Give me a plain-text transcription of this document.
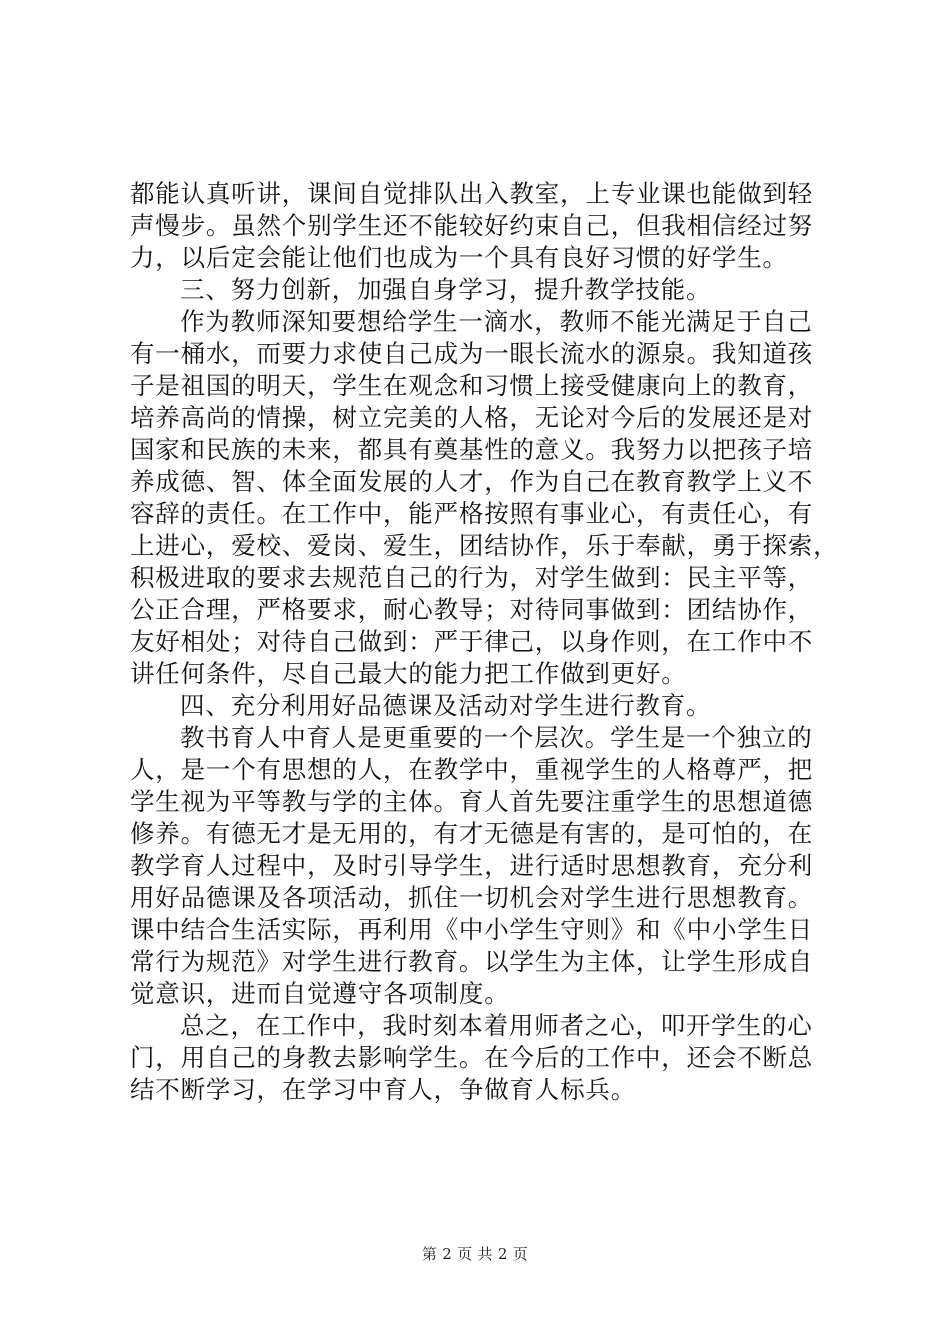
都能认真听讲，课间自觉排队出入教室，上专业课也能做到轻
声慢步。虽然个别学生还不能较好约束自己，但我相信经过努
力，以后定会能让他们也成为一个具有良好习惯的好学生。
三、努力创新，加强自身学习，提升教学技能。
作为教师深知要想给学生一滴水，教师不能光满足于自己
有一桶水，而要力求使自己成为一眼长流水的源泉。我知道孩
子是祖国的明天，学生在观念和习惯上接受健康向上的教育，
培养高尚的情操，树立完美的人格，无论对今后的发展还是对
国家和民族的未来，都具有奠基性的意义。我努力以把孩子培
养成德、智、体全面发展的人才，作为自己在教育教学上义不
容辞的责任。在工作中，能严格按照有事业心，有责任心，有
上进心，爱校、爱岗、爱生，团结协作，乐于奉献，勇于探索，
积极进取的要求去规范自己的行为，对学生做到：民主平等，
公正合理，严格要求，耐心教导；对待同事做到：团结协作，
友好相处；对待自己做到：严于律己，以身作则，在工作中不
讲任何条件，尽自己最大的能力把工作做到更好。
四、充分利用好品德课及活动对学生进行教育。
教书育人中育人是更重要的一个层次。学生是一个独立的
人，是一个有思想的人，在教学中，重视学生的人格尊严，把
学生视为平等教与学的主体。育人首先要注重学生的思想道德
修养。有德无才是无用的，有才无德是有害的，是可怕的，在
教学育人过程中，及时引导学生，进行适时思想教育，充分利
用好品德课及各项活动，抓住一切机会对学生进行思想教育。
课中结合生活实际，再利用《中小学生守则》和《中小学生日
常行为规范》对学生进行教育。以学生为主体，让学生形成自
觉意识，进而自觉遵守各项制度。
总之，在工作中，我时刻本着用师者之心，叩开学生的心
门，用自己的身教去影响学生。在今后的工作中，还会不断总
结不断学习，在学习中育人，争做育人标兵。
第 2 页 共 2 页
